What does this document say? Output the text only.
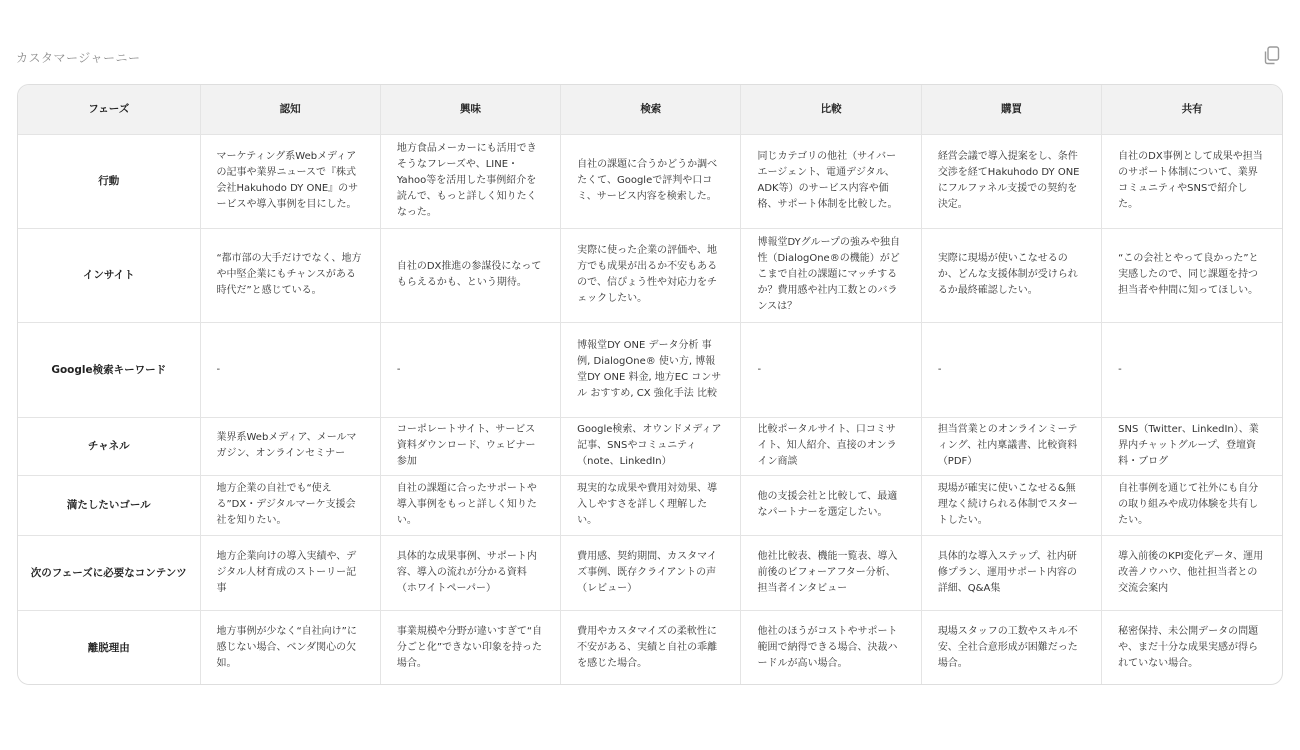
カスタマージャーニー
フェーズ	認知	興味	検索	比較	購買	共有
行動	マーケティング系Webメディアの記事や業界ニュースで『株式会社Hakuhodo DY ONE』のサービスや導入事例を目にした。	地方食品メーカーにも活用できそうなフレーズや、LINE・Yahoo等を活用した事例紹介を読んで、もっと詳しく知りたくなった。	自社の課題に合うかどうか調べたくて、Googleで評判や口コミ、サービス内容を検索した。	同じカテゴリの他社（サイバーエージェント、電通デジタル、ADK等）のサービス内容や価格、サポート体制を比較した。	経営会議で導入提案をし、条件交渉を経てHakuhodo DY ONEにフルファネル支援での契約を決定。	自社のDX事例として成果や担当のサポート体制について、業界コミュニティやSNSで紹介した。
インサイト	“都市部の大手だけでなく、地方や中堅企業にもチャンスがある時代だ”と感じている。	自社のDX推進の参謀役になってもらえるかも、という期待。	実際に使った企業の評価や、地方でも成果が出るか不安もあるので、信ぴょう性や対応力をチェックしたい。	博報堂DYグループの強みや独自性（DialogOne®の機能）がどこまで自社の課題にマッチするか？費用感や社内工数とのバランスは？	実際に現場が使いこなせるのか、どんな支援体制が受けられるか最終確認したい。	“この会社とやって良かった”と実感したので、同じ課題を持つ担当者や仲間に知ってほしい。
Google検索キーワード	-	-	博報堂DY ONE データ分析 事例, DialogOne® 使い方, 博報堂DY ONE 料金, 地方EC コンサル おすすめ, CX 強化手法 比較	-	-	-
チャネル	業界系Webメディア、メールマガジン、オンラインセミナー	コーポレートサイト、サービス資料ダウンロード、ウェビナー参加	Google検索、オウンドメディア記事、SNSやコミュニティ（note、LinkedIn）	比較ポータルサイト、口コミサイト、知人紹介、直接のオンライン商談	担当営業とのオンラインミーティング、社内稟議書、比較資料（PDF）	SNS（Twitter、LinkedIn）、業界内チャットグループ、登壇資料・ブログ
満たしたいゴール	地方企業の自社でも“使える”DX・デジタルマーケ支援会社を知りたい。	自社の課題に合ったサポートや導入事例をもっと詳しく知りたい。	現実的な成果や費用対効果、導入しやすさを詳しく理解したい。	他の支援会社と比較して、最適なパートナーを選定したい。	現場が確実に使いこなせる&無理なく続けられる体制でスタートしたい。	自社事例を通じて社外にも自分の取り組みや成功体験を共有したい。
次のフェーズに必要なコンテンツ	地方企業向けの導入実績や、デジタル人材育成のストーリー記事	具体的な成果事例、サポート内容、導入の流れが分かる資料（ホワイトペーパー）	費用感、契約期間、カスタマイズ事例、既存クライアントの声（レビュー）	他社比較表、機能一覧表、導入前後のビフォーアフター分析、担当者インタビュー	具体的な導入ステップ、社内研修プラン、運用サポート内容の詳細、Q&A集	導入前後のKPI変化データ、運用改善ノウハウ、他社担当者との交流会案内
離脱理由	地方事例が少なく“自社向け”に感じない場合、ベンダ関心の欠如。	事業規模や分野が違いすぎて“自分ごと化”できない印象を持った場合。	費用やカスタマイズの柔軟性に不安がある、実績と自社の乖離を感じた場合。	他社のほうがコストやサポート範囲で納得できる場合、決裁ハードルが高い場合。	現場スタッフの工数やスキル不安、全社合意形成が困難だった場合。	秘密保持、未公開データの問題や、まだ十分な成果実感が得られていない場合。
